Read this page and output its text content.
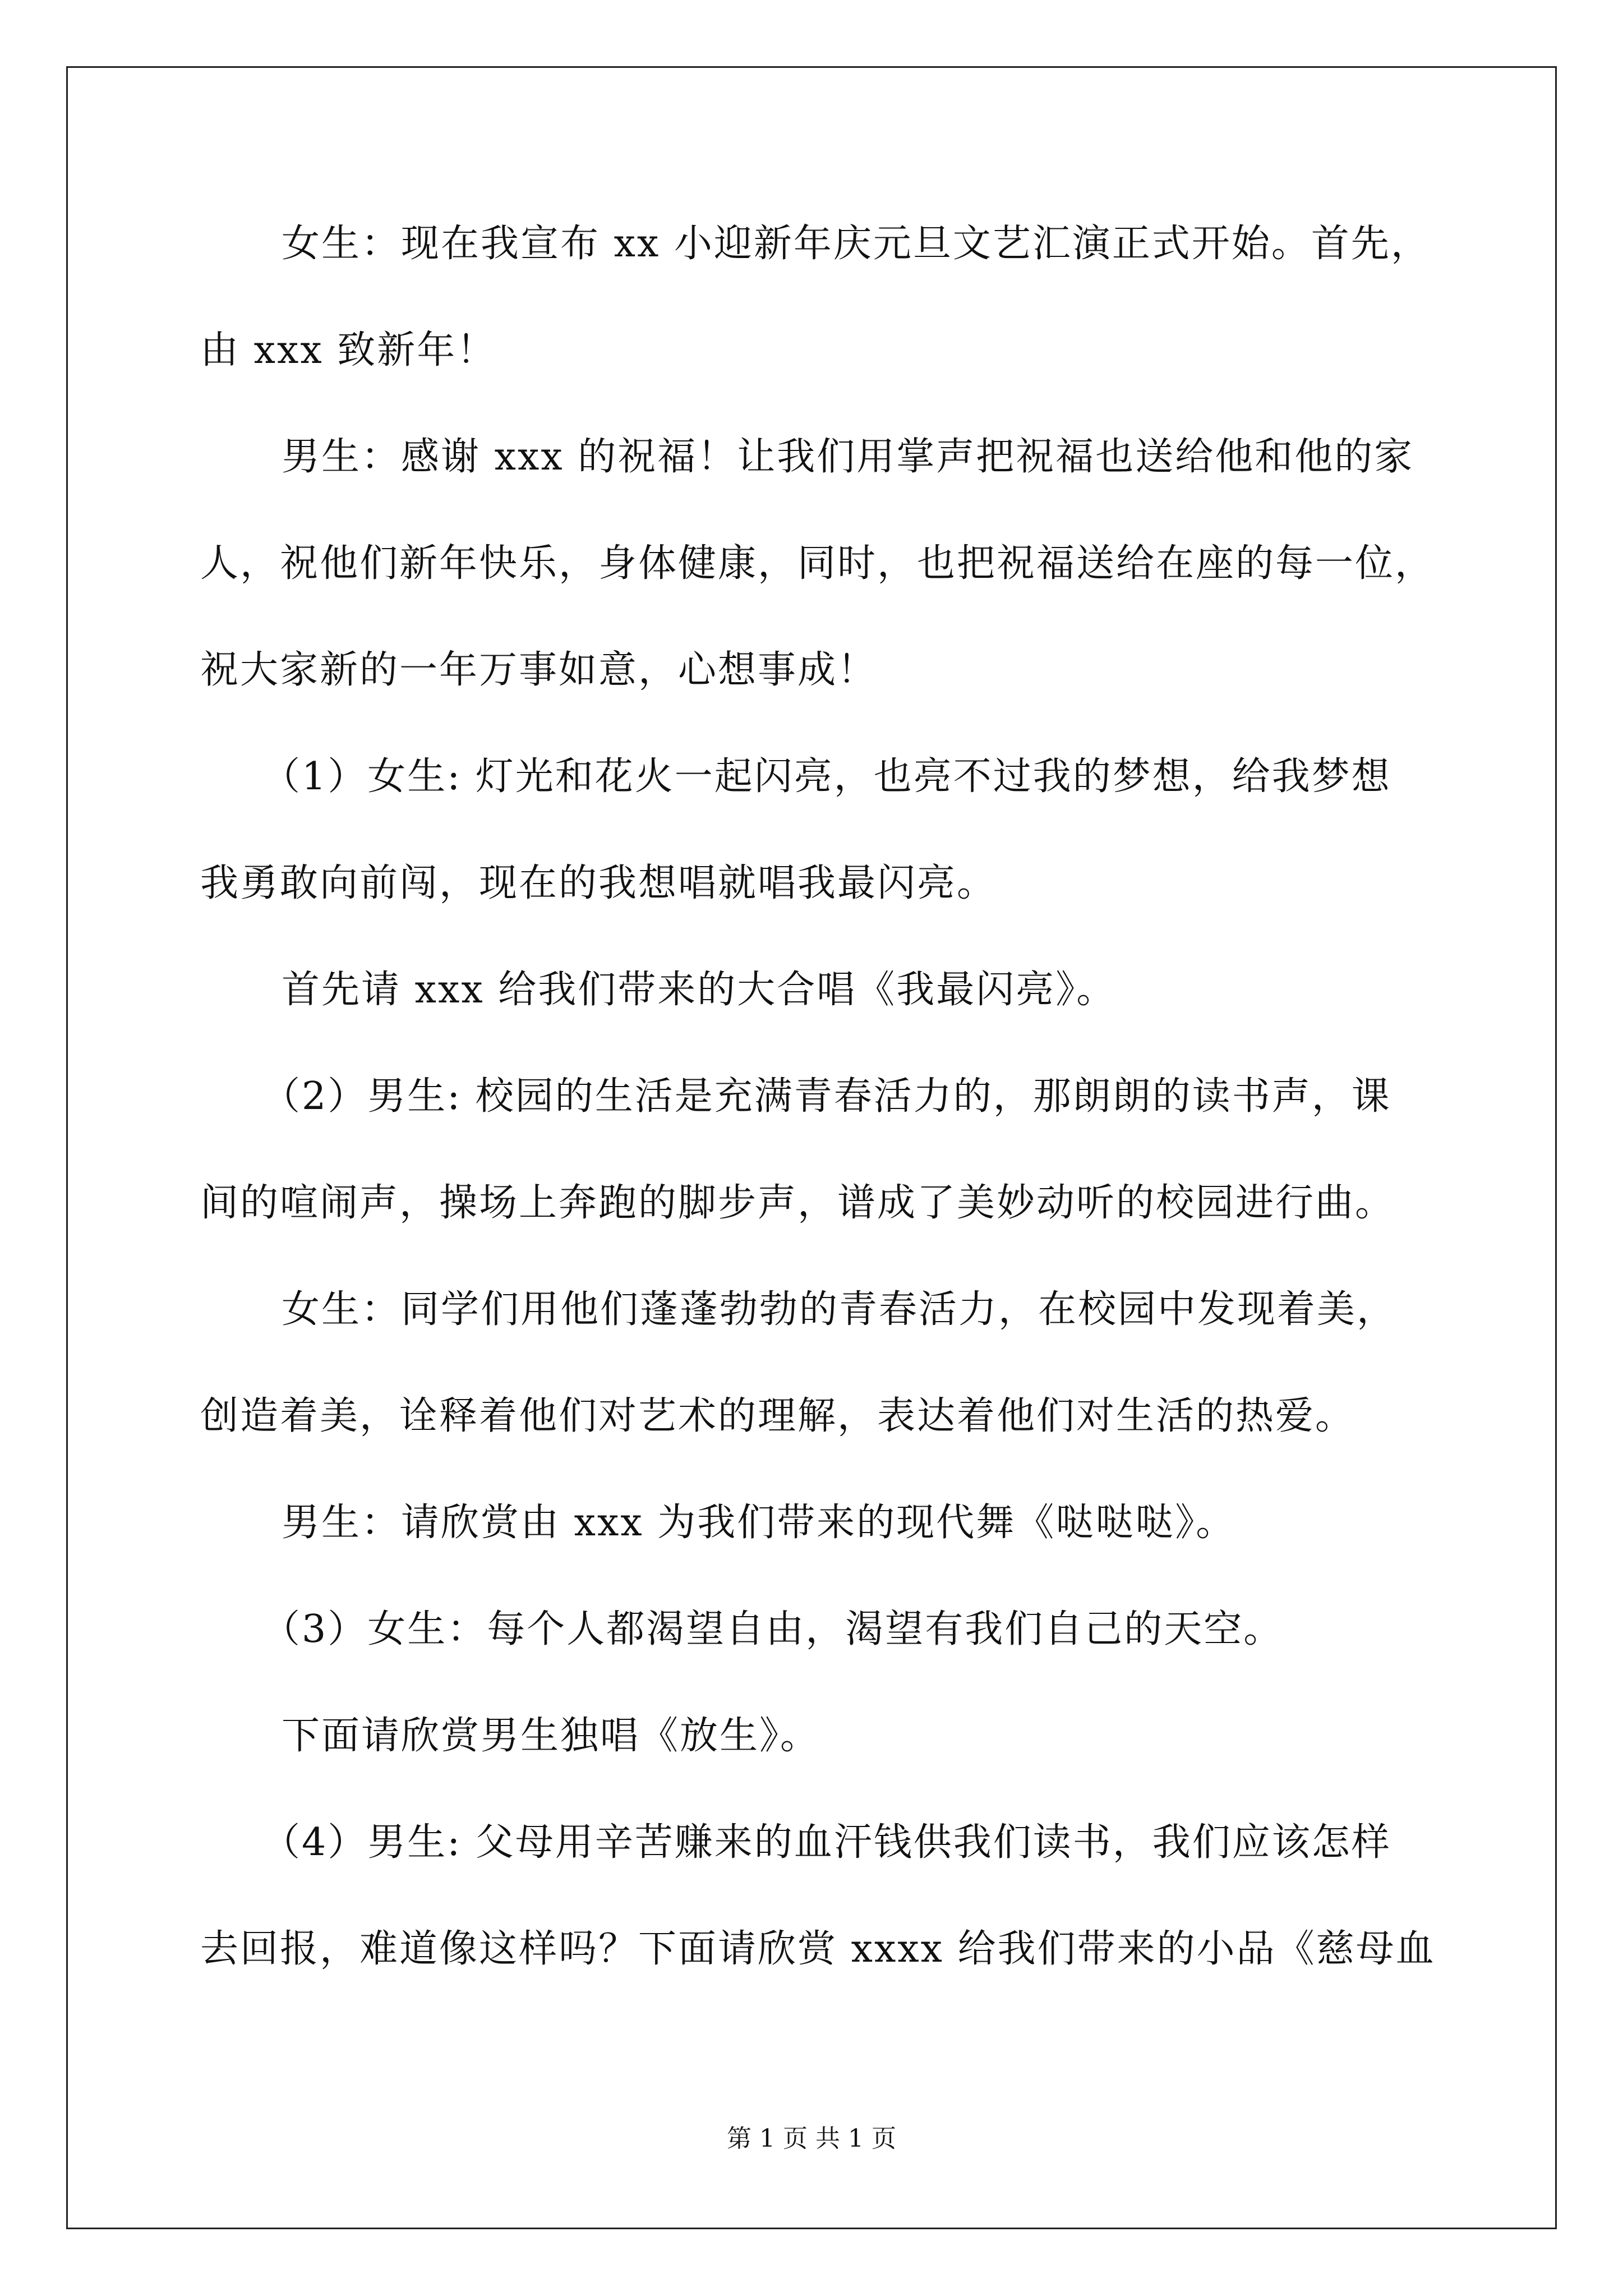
女生：现在我宣布 xx 小迎新年庆元旦文艺汇演正式开始。首先，
由 xxx 致新年！
男生：感谢 xxx 的祝福！让我们用掌声把祝福也送给他和他的家
人，祝他们新年快乐，身体健康，同时，也把祝福送给在座的每一位，
祝大家新的一年万事如意，心想事成！
（1）女生: 灯光和花火一起闪亮，也亮不过我的梦想，给我梦想
我勇敢向前闯，现在的我想唱就唱我最闪亮。
首先请 xxx 给我们带来的大合唱《我最闪亮》。
（2）男生: 校园的生活是充满青春活力的，那朗朗的读书声，课
间的喧闹声，操场上奔跑的脚步声，谱成了美妙动听的校园进行曲。
女生：同学们用他们蓬蓬勃勃的青春活力，在校园中发现着美，
创造着美，诠释着他们对艺术的理解，表达着他们对生活的热爱。
男生：请欣赏由 xxx 为我们带来的现代舞《哒哒哒》。
（3）女生：每个人都渴望自由，渴望有我们自己的天空。
下面请欣赏男生独唱《放生》。
（4）男生: 父母用辛苦赚来的血汗钱供我们读书，我们应该怎样
去回报，难道像这样吗？下面请欣赏 xxxx 给我们带来的小品《慈母血
第 1 页 共 1 页
